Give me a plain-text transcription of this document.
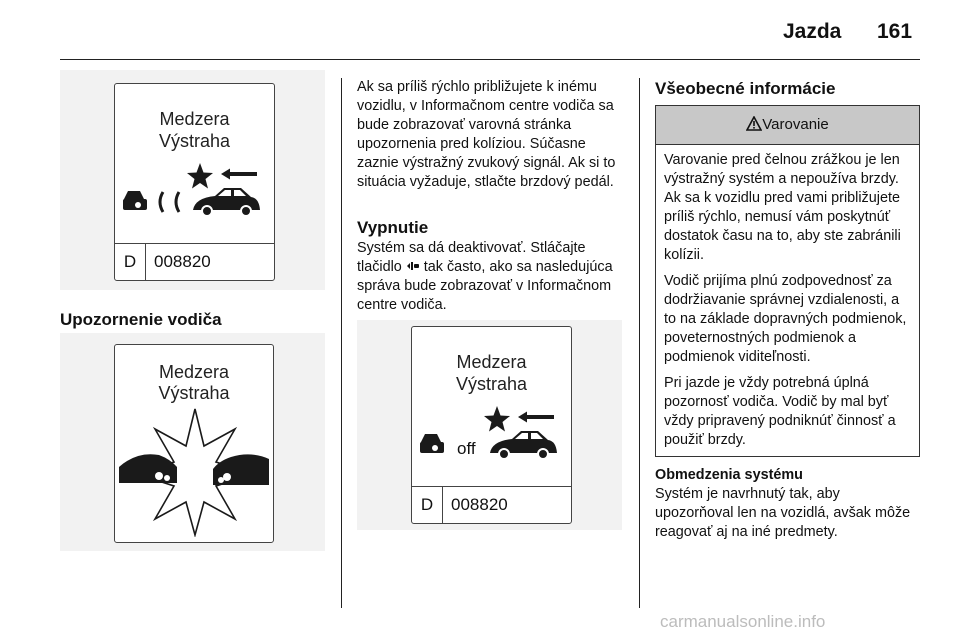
Jazda 161
Medzera
Výstraha
D	008820
Upozornenie vodiča
Medzera
Výstraha
Ak sa príliš rýchlo približujete k inému vozidlu, v Informačnom centre vodiča sa bude zobrazovať varovná stránka upozornenia pred kolíziou. Súčasne zaznie výstražný zvukový signál. Ak si to situácia vyžaduje, stlačte brzdový pedál.
Vypnutie
Systém sa dá deaktivovať. Stláčajte tlačidlo tak často, ako sa nasledujúca správa bude zobrazovať v Informačnom centre vodiča.
Medzera
Výstraha
off
D	008820
Všeobecné informácie
Varovanie

Varovanie pred čelnou zrážkou je len výstražný systém a nepoužíva brzdy. Ak sa k vozidlu pred vami približujete príliš rýchlo, nemusí vám poskytnúť dostatok času na to, aby ste zabránili kolízii.

Vodič prijíma plnú zodpovednosť za dodržiavanie správnej vzdialenosti, a to na základe dopravných podmienok, poveternostných podmienok a podmienok viditeľnosti.

Pri jazde je vždy potrebná úplná pozornosť vodiča. Vodič by mal byť vždy pripravený podniknúť činnosť a použiť brzdy.

Obmedzenia systému
Systém je navrhnutý tak, aby upozorňoval len na vozidlá, avšak môže reagovať aj na iné predmety.
carmanualsonline.info
